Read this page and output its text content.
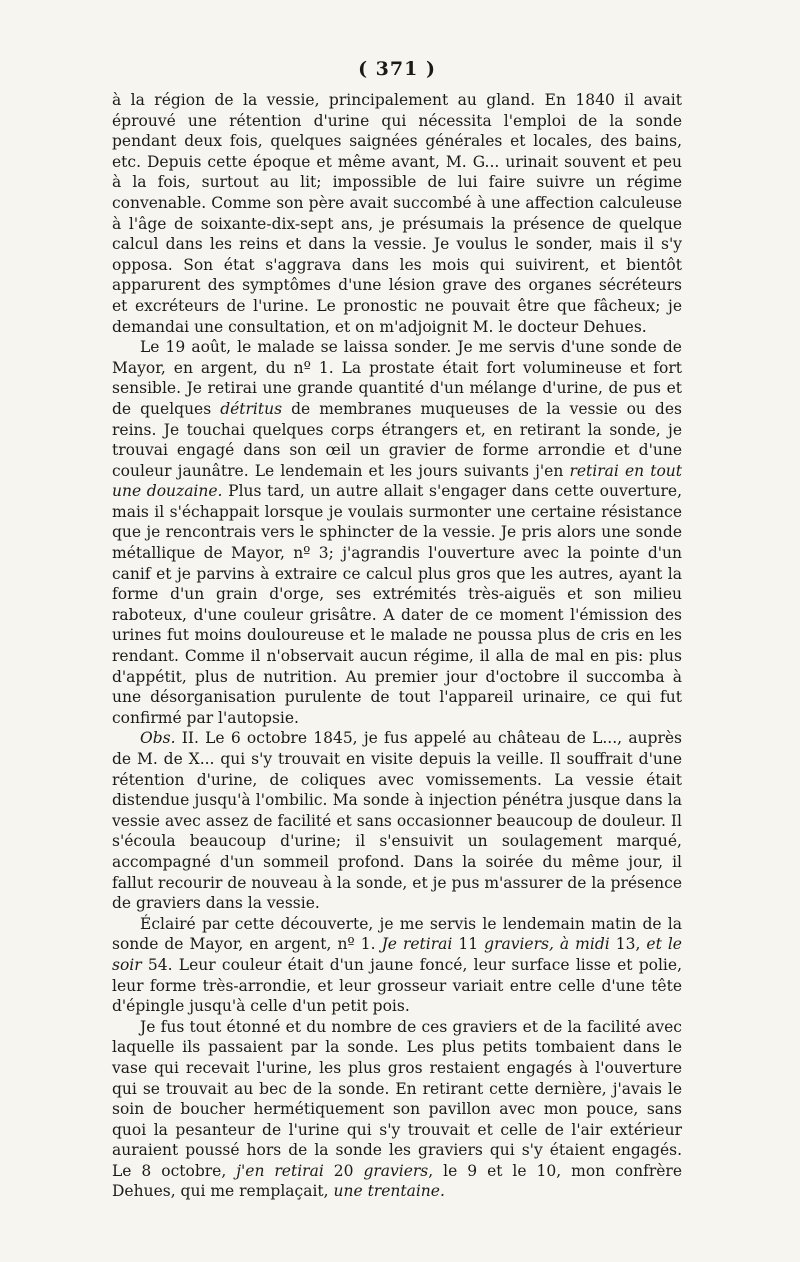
( 371 )

à la région de la vessie, principalement au gland. En 1840 il avait éprouvé une rétention d'urine qui nécessita l'emploi de la sonde pendant deux fois, quelques saignées générales et locales, des bains, etc. Depuis cette époque et même avant, M. G... urinait souvent et peu à la fois, surtout au lit; impossible de lui faire suivre un régime convenable. Comme son père avait succombé à une affection calculeuse à l'âge de soixante-dix-sept ans, je présumais la présence de quelque calcul dans les reins et dans la vessie. Je voulus le sonder, mais il s'y opposa. Son état s'aggrava dans les mois qui suivirent, et bientôt apparurent des symptômes d'une lésion grave des organes sécréteurs et excréteurs de l'urine. Le pronostic ne pouvait être que fâcheux; je demandai une consultation, et on m'adjoignit M. le docteur Dehues.

Le 19 août, le malade se laissa sonder. Je me servis d'une sonde de Mayor, en argent, du nº 1. La prostate était fort volumineuse et fort sensible. Je retirai une grande quantité d'un mélange d'urine, de pus et de quelques détritus de membranes muqueuses de la vessie ou des reins. Je touchai quelques corps étrangers et, en retirant la sonde, je trouvai engagé dans son œil un gravier de forme arrondie et d'une couleur jaunâtre. Le lendemain et les jours suivants j'en retirai en tout une douzaine. Plus tard, un autre allait s'engager dans cette ouverture, mais il s'échappait lorsque je voulais surmonter une certaine résistance que je rencontrais vers le sphincter de la vessie. Je pris alors une sonde métallique de Mayor, nº 3; j'agrandis l'ouverture avec la pointe d'un canif et je parvins à extraire ce calcul plus gros que les autres, ayant la forme d'un grain d'orge, ses extrémités très-aiguës et son milieu raboteux, d'une couleur grisâtre. A dater de ce moment l'émission des urines fut moins douloureuse et le malade ne poussa plus de cris en les rendant. Comme il n'observait aucun régime, il alla de mal en pis: plus d'appétit, plus de nutrition. Au premier jour d'octobre il succomba à une désorganisation purulente de tout l'appareil urinaire, ce qui fut confirmé par l'autopsie.

Obs. II. Le 6 octobre 1845, je fus appelé au château de L..., auprès de M. de X... qui s'y trouvait en visite depuis la veille. Il souffrait d'une rétention d'urine, de coliques avec vomissements. La vessie était distendue jusqu'à l'ombilic. Ma sonde à injection pénétra jusque dans la vessie avec assez de facilité et sans occasionner beaucoup de douleur. Il s'écoula beaucoup d'urine; il s'ensuivit un soulagement marqué, accompagné d'un sommeil profond. Dans la soirée du même jour, il fallut recourir de nouveau à la sonde, et je pus m'assurer de la présence de graviers dans la vessie.

Éclairé par cette découverte, je me servis le lendemain matin de la sonde de Mayor, en argent, nº 1. Je retirai 11 graviers, à midi 13, et le soir 54. Leur couleur était d'un jaune foncé, leur surface lisse et polie, leur forme très-arrondie, et leur grosseur variait entre celle d'une tête d'épingle jusqu'à celle d'un petit pois.

Je fus tout étonné et du nombre de ces graviers et de la facilité avec laquelle ils passaient par la sonde. Les plus petits tombaient dans le vase qui recevait l'urine, les plus gros restaient engagés à l'ouverture qui se trouvait au bec de la sonde. En retirant cette dernière, j'avais le soin de boucher hermétiquement son pavillon avec mon pouce, sans quoi la pesanteur de l'urine qui s'y trouvait et celle de l'air extérieur auraient poussé hors de la sonde les graviers qui s'y étaient engagés. Le 8 octobre, j'en retirai 20 graviers, le 9 et le 10, mon confrère Dehues, qui me remplaçait, une trentaine.
